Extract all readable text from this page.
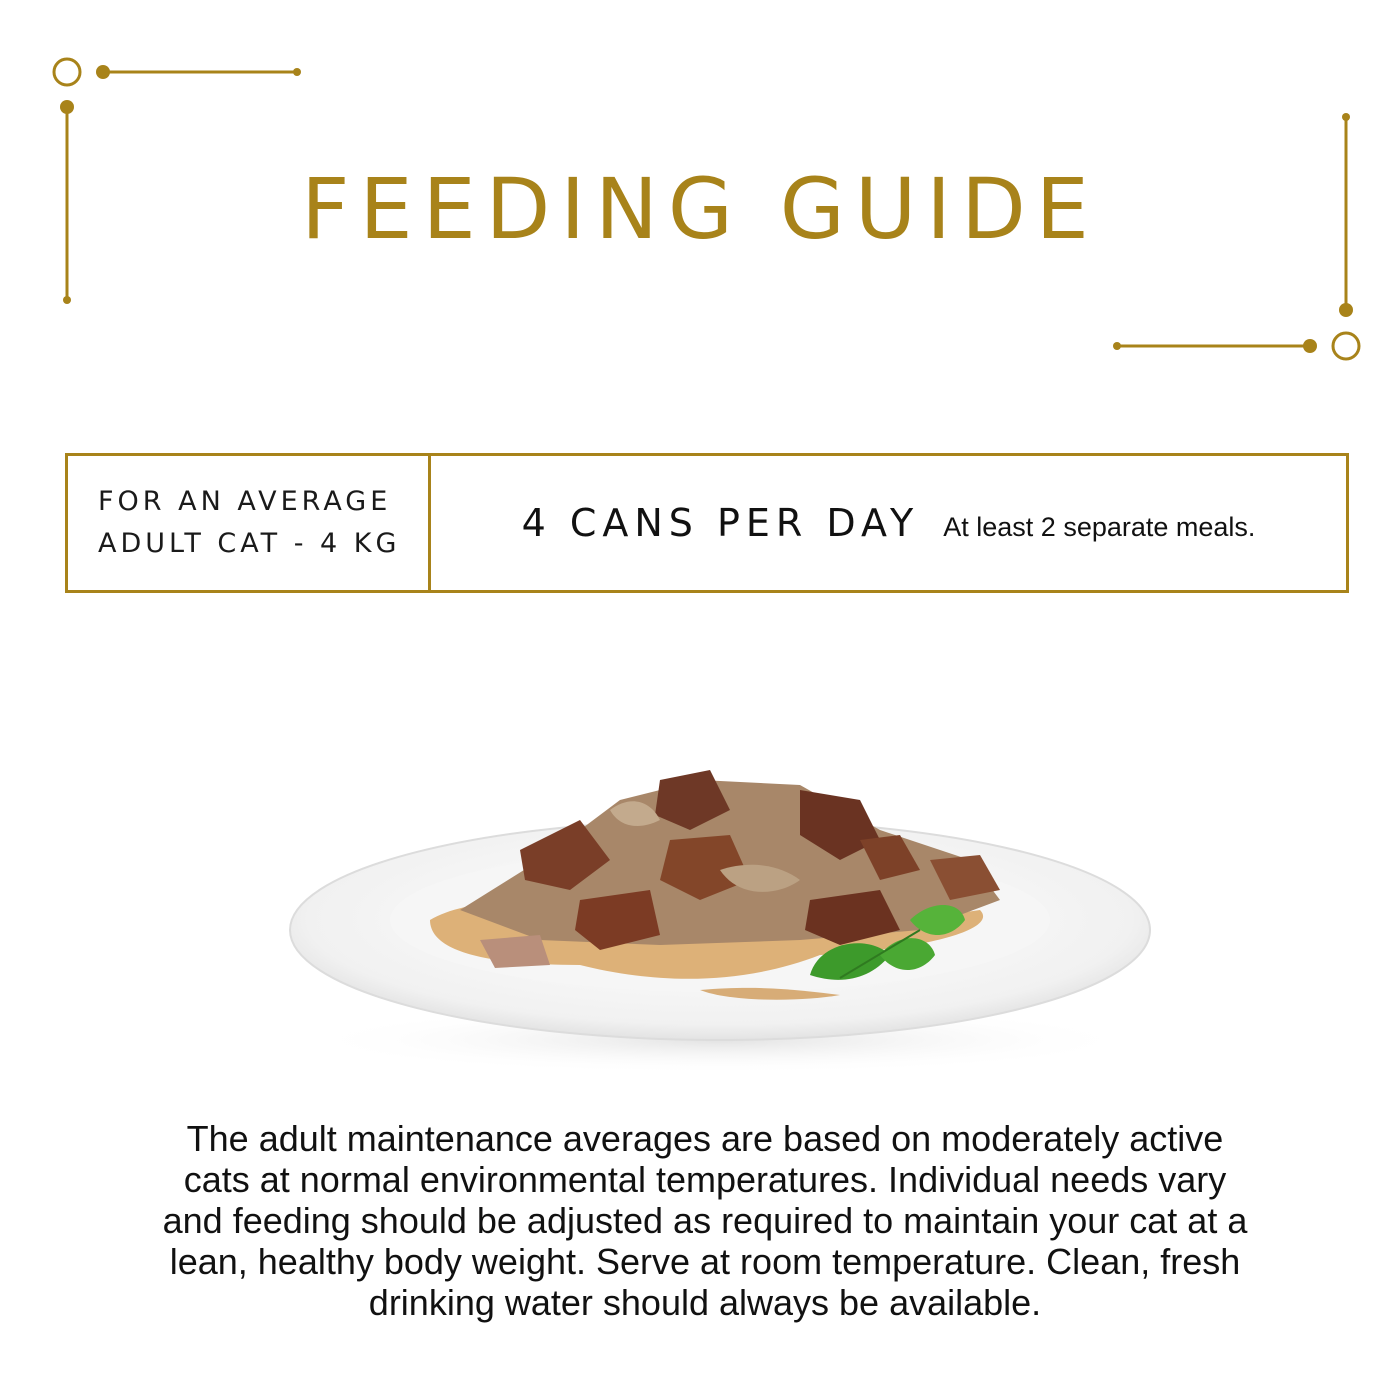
FEEDING GUIDE
FOR AN AVERAGE
ADULT CAT - 4 KG	4 CANS PER DAY At least 2 separate meals.

The adult maintenance averages are based on moderately active cats at normal environmental temperatures. Individual needs vary and feeding should be adjusted as required to maintain your cat at a lean, healthy body weight. Serve at room temperature. Clean, fresh drinking water should always be available.
